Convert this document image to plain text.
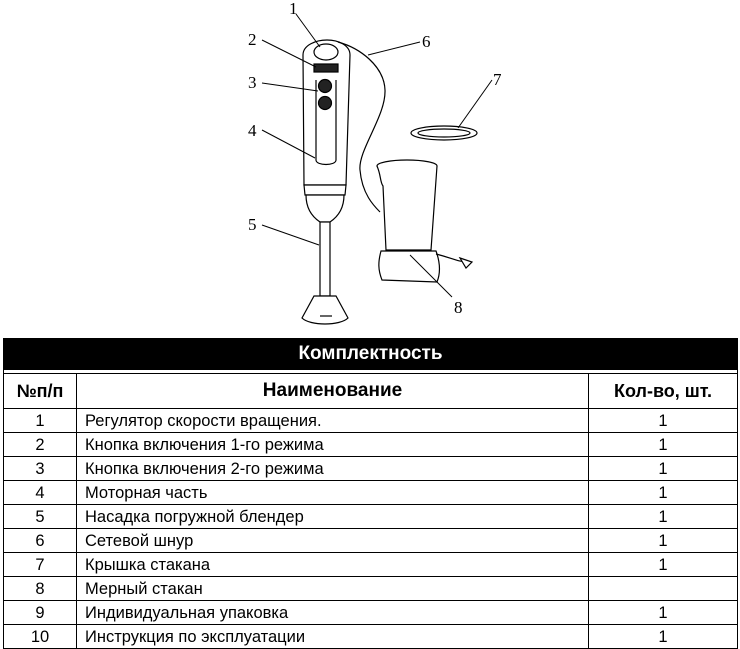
1
2
3
4
5
6
7
8
Комплектность
№п/п	Наименование	Кол-во, шт.
1	Регулятор скорости вращения.	1
2	Кнопка включения 1-го режима	1
3	Кнопка включения 2-го режима	1
4	Моторная часть	1
5	Насадка погружной блендер	1
6	Сетевой шнур	1
7	Крышка стакана	1
8	Мерный стакан	
9	Индивидуальная упаковка	1
10	Инструкция по эксплуатации	1
